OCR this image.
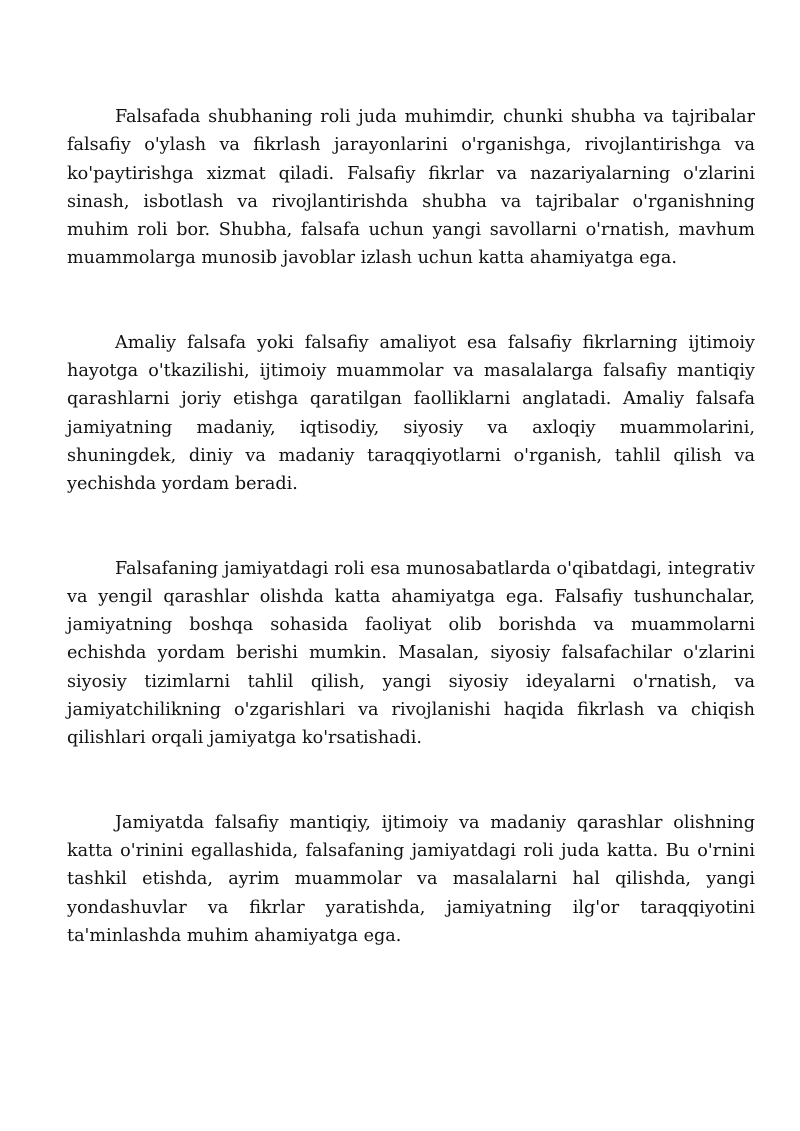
Falsafada shubhaning roli juda muhimdir, chunki shubha va tajribalar falsafiy o'ylash va fikrlash jarayonlarini o'rganishga, rivojlantirishga va ko'paytirishga xizmat qiladi. Falsafiy fikrlar va nazariyalarning o'zlarini sinash, isbotlash va rivojlantirishda shubha va tajribalar o'rganishning muhim roli bor. Shubha, falsafa uchun yangi savollarni o'rnatish, mavhum muammolarga munosib javoblar izlash uchun katta ahamiyatga ega.

Amaliy falsafa yoki falsafiy amaliyot esa falsafiy fikrlarning ijtimoiy hayotga o'tkazilishi, ijtimoiy muammolar va masalalarga falsafiy mantiqiy qarashlarni joriy etishga qaratilgan faolliklarni anglatadi. Amaliy falsafa jamiyatning madaniy, iqtisodiy, siyosiy va axloqiy muammolarini, shuningdek, diniy va madaniy taraqqiyotlarni o'rganish, tahlil qilish va yechishda yordam beradi.

Falsafaning jamiyatdagi roli esa munosabatlarda o'qibatdagi, integrativ va yengil qarashlar olishda katta ahamiyatga ega. Falsafiy tushunchalar, jamiyatning boshqa sohasida faoliyat olib borishda va muammolarni echishda yordam berishi mumkin. Masalan, siyosiy falsafachilar o'zlarini siyosiy tizimlarni tahlil qilish, yangi siyosiy ideyalarni o'rnatish, va jamiyatchilikning o'zgarishlari va rivojlanishi haqida fikrlash va chiqish qilishlari orqali jamiyatga ko'rsatishadi.

Jamiyatda falsafiy mantiqiy, ijtimoiy va madaniy qarashlar olishning katta o'rinini egallashida, falsafaning jamiyatdagi roli juda katta. Bu o'rnini tashkil etishda, ayrim muammolar va masalalarni hal qilishda, yangi yondashuvlar va fikrlar yaratishda, jamiyatning ilg'or taraqqiyotini ta'minlashda muhim ahamiyatga ega.
